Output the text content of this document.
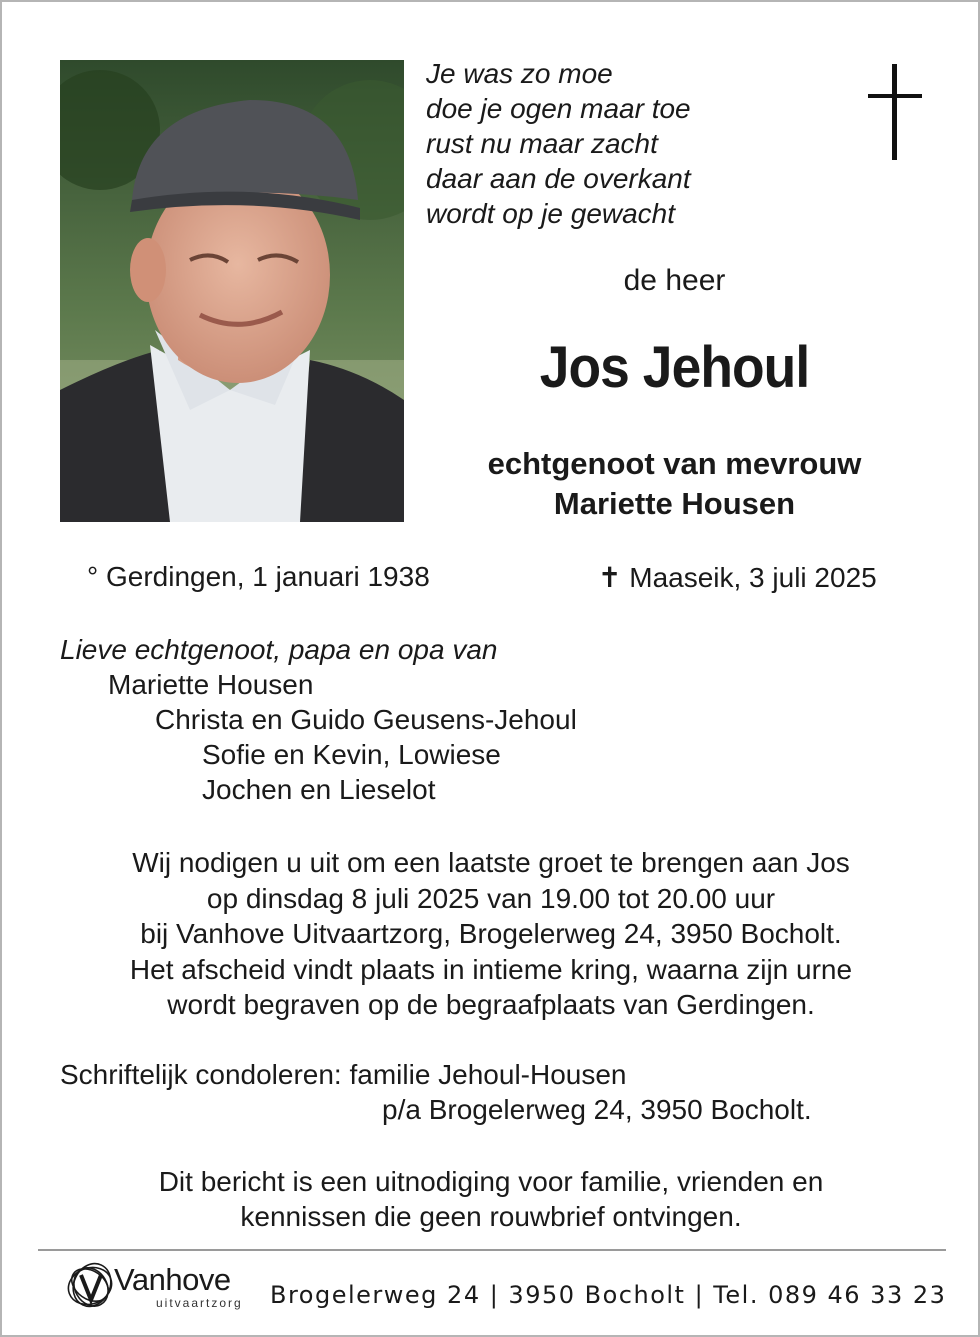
Je was zo moe
doe je ogen maar toe
rust nu maar zacht
daar aan de overkant
wordt op je gewacht
de heer
Jos Jehoul
echtgenoot van mevrouw
Mariette Housen
° Gerdingen, 1 januari 1938	✝ Maaseik, 3 juli 2025
Lieve echtgenoot, papa en opa van
Mariette Housen
Christa en Guido Geusens-Jehoul
Sofie en Kevin, Lowiese
Jochen en Lieselot
Wij nodigen u uit om een laatste groet te brengen aan Jos
op dinsdag 8 juli 2025 van 19.00 tot 20.00 uur
bij Vanhove Uitvaartzorg, Brogelerweg 24, 3950 Bocholt.
Het afscheid vindt plaats in intieme kring, waarna zijn urne
wordt begraven op de begraafplaats van Gerdingen.
Schriftelijk condoleren: familie Jehoul-Housen
p/a Brogelerweg 24, 3950 Bocholt.
Dit bericht is een uitnodiging voor familie, vrienden en
kennissen die geen rouwbrief ontvingen.
Vanhove
uitvaartzorg Brogelerweg 24 | 3950 Bocholt | Tel. 089 46 33 23
